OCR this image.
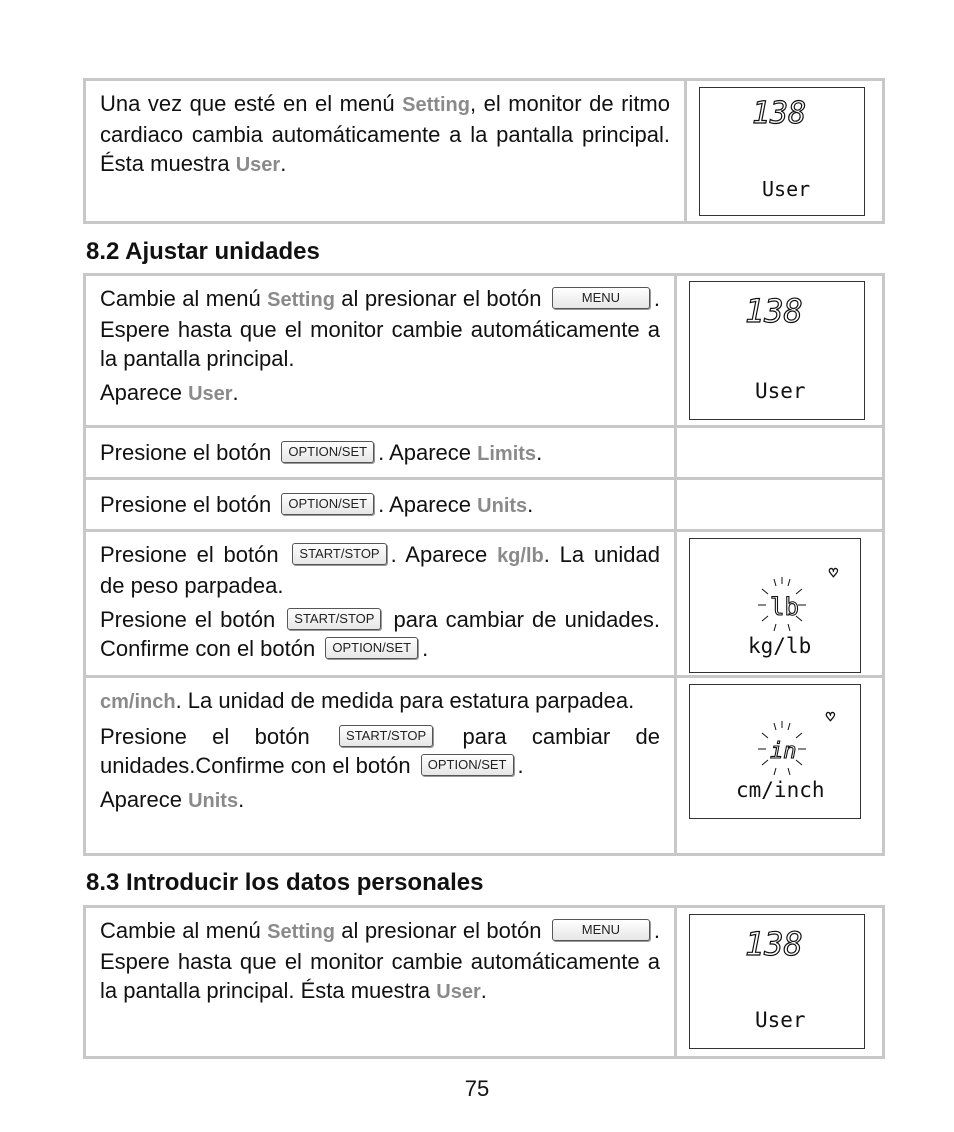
Una vez que esté en el menú Setting, el monitor de ritmo cardiaco cambia automáticamente a la pantalla principal. Ésta muestra User.

138
User
8.2 Ajustar unidades

Cambie al menú Setting al presionar el botón	MENU . Espere hasta que el monitor cambie automáticamente a la pantalla principal.

Aparece User.

138
User

Presione el botón OPTION/SET . Aparece Limits.

Presione el botón OPTION/SET . Aparece Units.

Presione el botón START/STOP . Aparece kg/lb. La unidad de peso parpadea.

Presione el botón START/STOP para cambiar de unidades. Confirme con el botón OPTION/SET .

lb
♡
kg/lb

cm/inch. La unidad de medida para estatura parpadea.

Presione el botón START/STOP para cambiar de unidades.Confirme con el botón OPTION/SET .

Aparece Units.

in
♡
cm/inch
8.3 Introducir los datos personales

Cambie al menú Setting al presionar el botón	MENU . Espere hasta que el monitor cambie automáticamente a la pantalla principal. Ésta muestra User.

138
User
75
